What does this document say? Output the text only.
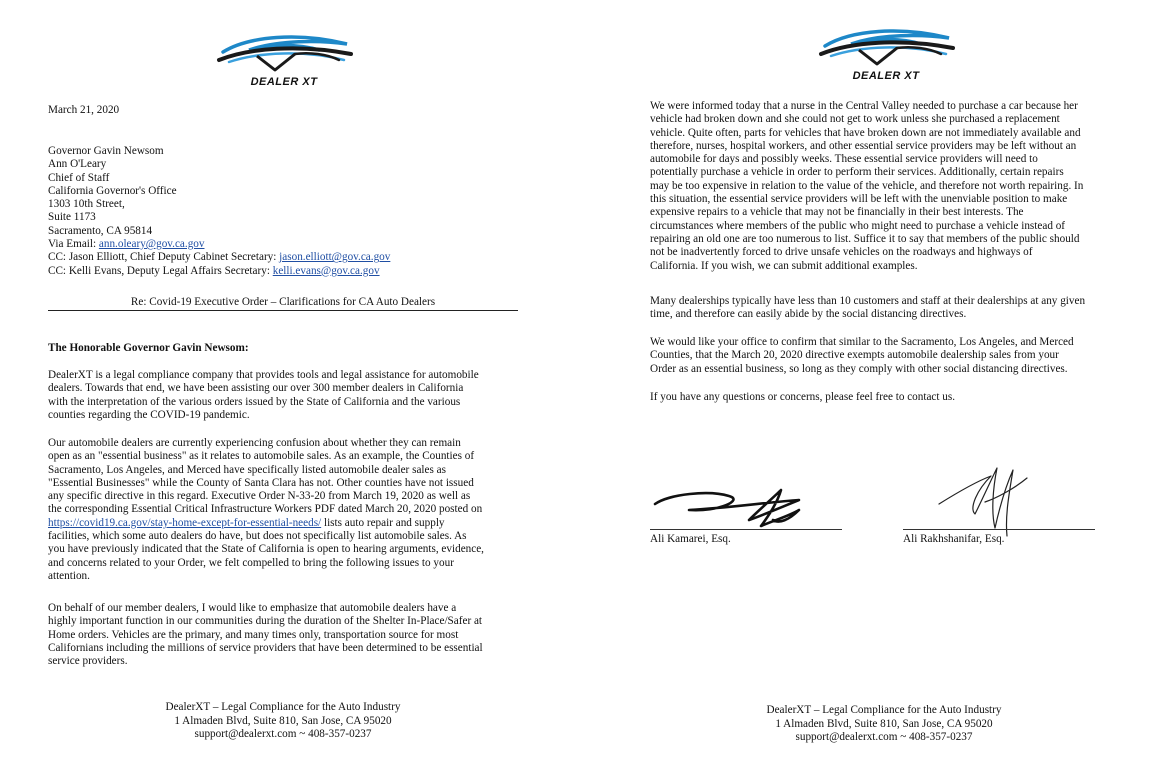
DEALER XT
March 21, 2020
Governor Gavin Newsom
Ann O'Leary
Chief of Staff
California Governor's Office
1303 10th Street,
Suite 1173
Sacramento, CA 95814
Via Email: ann.oleary@gov.ca.gov
CC: Jason Elliott, Chief Deputy Cabinet Secretary: jason.elliott@gov.ca.gov
CC: Kelli Evans, Deputy Legal Affairs Secretary: kelli.evans@gov.ca.gov
Re: Covid-19 Executive Order – Clarifications for CA Auto Dealers
The Honorable Governor Gavin Newsom:
DealerXT is a legal compliance company that provides tools and legal assistance for automobile
dealers. Towards that end, we have been assisting our over 300 member dealers in California
with the interpretation of the various orders issued by the State of California and the various
counties regarding the COVID-19 pandemic.
Our automobile dealers are currently experiencing confusion about whether they can remain
open as an "essential business" as it relates to automobile sales. As an example, the Counties of
Sacramento, Los Angeles, and Merced have specifically listed automobile dealer sales as
"Essential Businesses" while the County of Santa Clara has not. Other counties have not issued
any specific directive in this regard. Executive Order N-33-20 from March 19, 2020 as well as
the corresponding Essential Critical Infrastructure Workers PDF dated March 20, 2020 posted on
https://covid19.ca.gov/stay-home-except-for-essential-needs/ lists auto repair and supply
facilities, which some auto dealers do have, but does not specifically list automobile sales. As
you have previously indicated that the State of California is open to hearing arguments, evidence,
and concerns related to your Order, we felt compelled to bring the following issues to your
attention.
On behalf of our member dealers, I would like to emphasize that automobile dealers have a
highly important function in our communities during the duration of the Shelter In-Place/Safer at
Home orders. Vehicles are the primary, and many times only, transportation source for most
Californians including the millions of service providers that have been determined to be essential
service providers.
DealerXT – Legal Compliance for the Auto Industry
1 Almaden Blvd, Suite 810, San Jose, CA 95020
support@dealerxt.com ~ 408-357-0237
DEALER XT
We were informed today that a nurse in the Central Valley needed to purchase a car because her
vehicle had broken down and she could not get to work unless she purchased a replacement
vehicle. Quite often, parts for vehicles that have broken down are not immediately available and
therefore, nurses, hospital workers, and other essential service providers may be left without an
automobile for days and possibly weeks. These essential service providers will need to
potentially purchase a vehicle in order to perform their services. Additionally, certain repairs
may be too expensive in relation to the value of the vehicle, and therefore not worth repairing. In
this situation, the essential service providers will be left with the unenviable position to make
expensive repairs to a vehicle that may not be financially in their best interests. The
circumstances where members of the public who might need to purchase a vehicle instead of
repairing an old one are too numerous to list. Suffice it to say that members of the public should
not be inadvertently forced to drive unsafe vehicles on the roadways and highways of
California. If you wish, we can submit additional examples.
Many dealerships typically have less than 10 customers and staff at their dealerships at any given
time, and therefore can easily abide by the social distancing directives.
We would like your office to confirm that similar to the Sacramento, Los Angeles, and Merced
Counties, that the March 20, 2020 directive exempts automobile dealership sales from your
Order as an essential business, so long as they comply with other social distancing directives.
If you have any questions or concerns, please feel free to contact us.
Ali Kamarei, Esq.	Ali Rakhshanifar, Esq.
DealerXT – Legal Compliance for the Auto Industry
1 Almaden Blvd, Suite 810, San Jose, CA 95020
support@dealerxt.com ~ 408-357-0237
